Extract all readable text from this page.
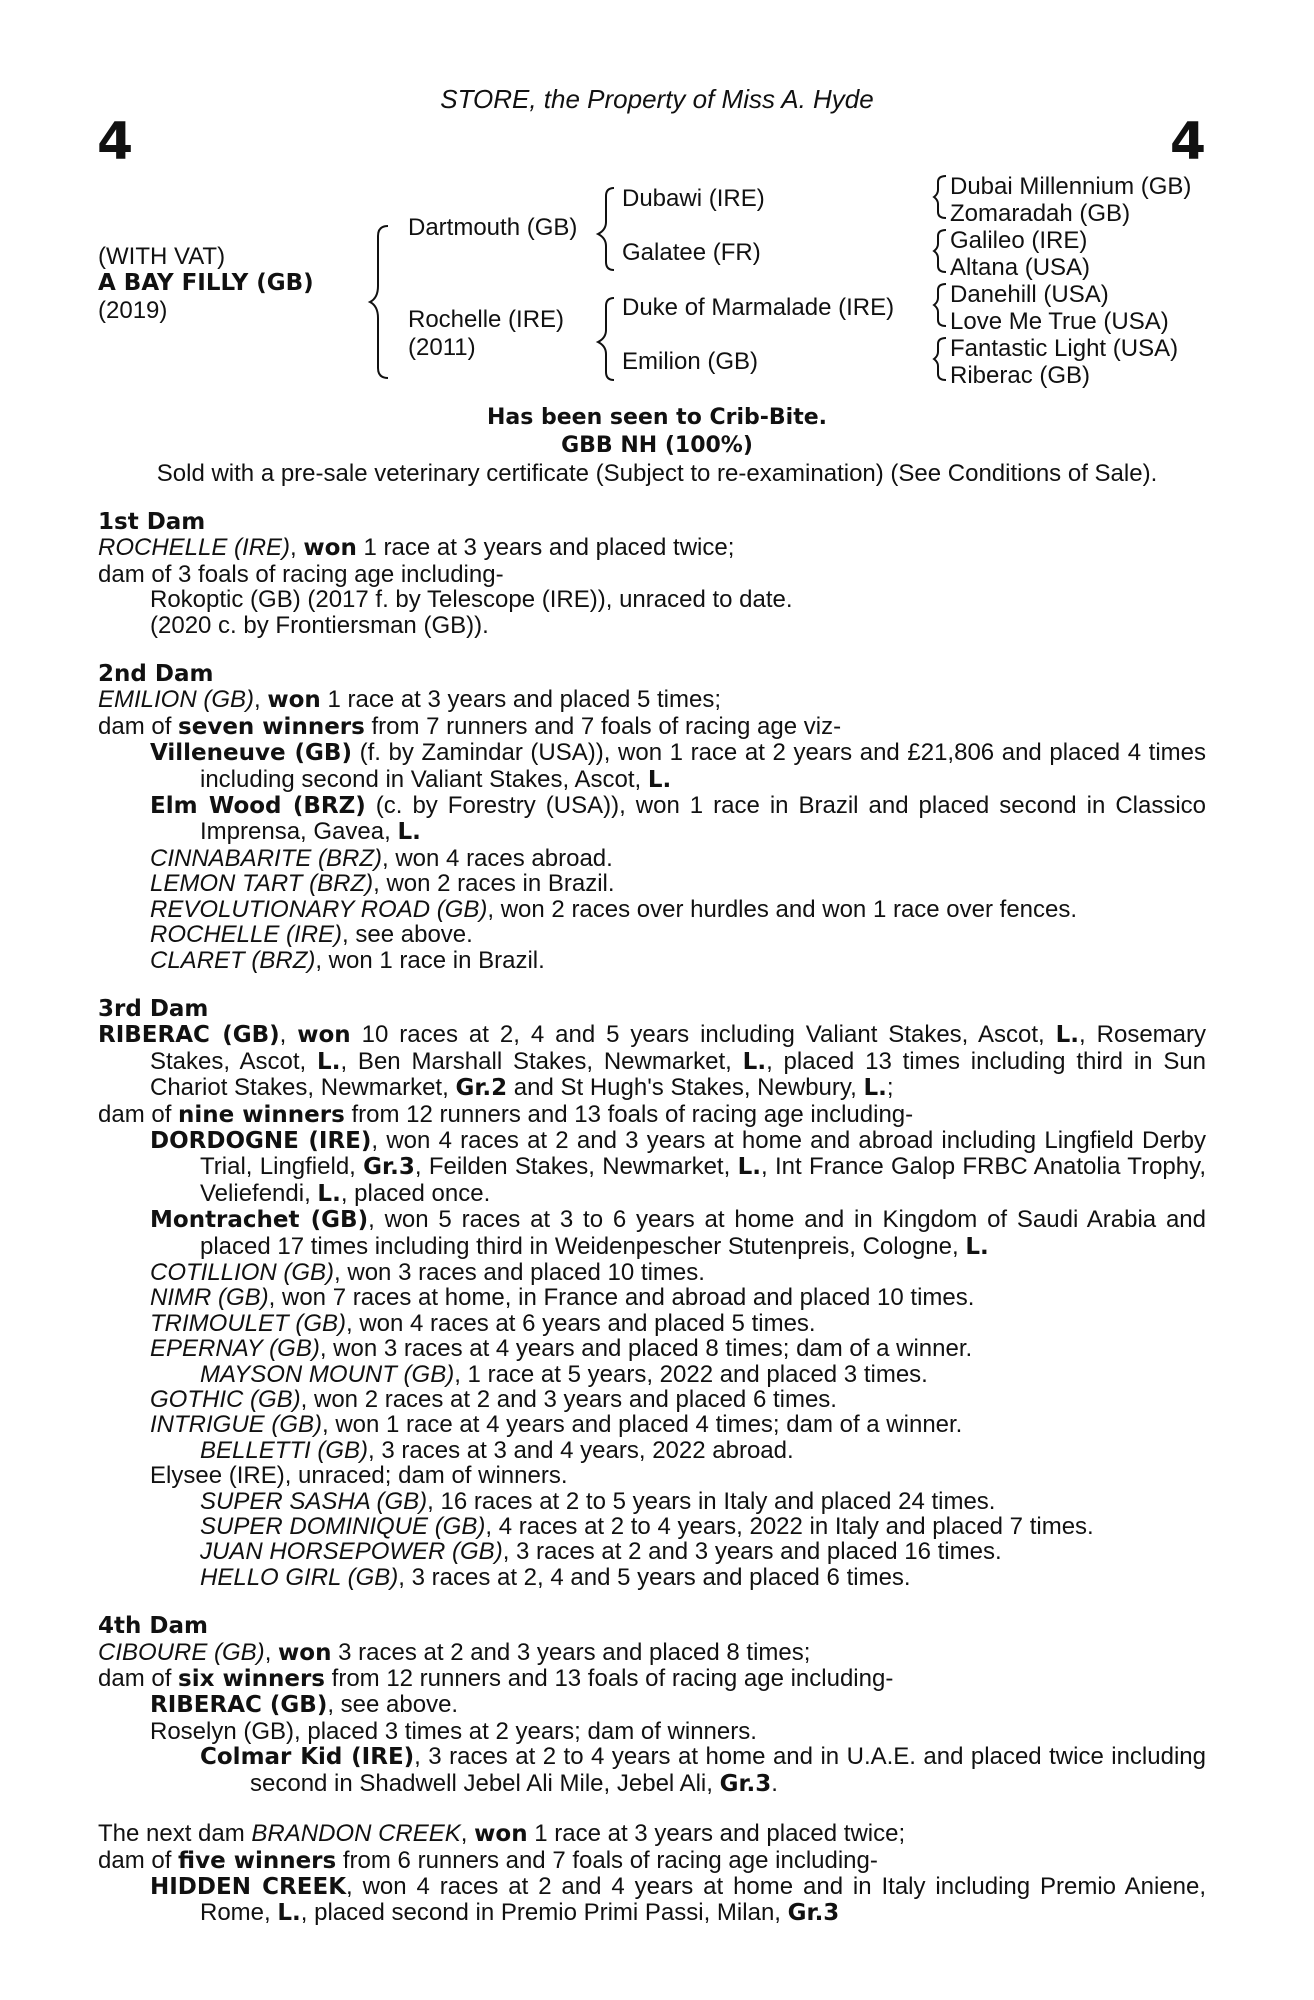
STORE, the Property of Miss A. Hyde
4	4
(WITH VAT)
A BAY FILLY (GB)
(2019)
Dartmouth (GB)
Rochelle (IRE)
(2011)
Dubawi (IRE)
Galatee (FR)
Duke of Marmalade (IRE)
Emilion (GB)
Dubai Millennium (GB)
Zomaradah (GB)
Galileo (IRE)
Altana (USA)
Danehill (USA)
Love Me True (USA)
Fantastic Light (USA)
Riberac (GB)
Has been seen to Crib-Bite.
GBB NH (100%)
Sold with a pre-sale veterinary certificate (Subject to re-examination) (See Conditions of Sale).
1st Dam
ROCHELLE (IRE), won 1 race at 3 years and placed twice;
dam of 3 foals of racing age including-
Rokoptic (GB) (2017 f. by Telescope (IRE)), unraced to date.
(2020 c. by Frontiersman (GB)).
2nd Dam
EMILION (GB), won 1 race at 3 years and placed 5 times;
dam of seven winners from 7 runners and 7 foals of racing age viz-
Villeneuve (GB) (f. by Zamindar (USA)), won 1 race at 2 years and £21,806 and placed 4 times including second in Valiant Stakes, Ascot, L.
Elm Wood (BRZ) (c. by Forestry (USA)), won 1 race in Brazil and placed second in Classico Imprensa, Gavea, L.
CINNABARITE (BRZ), won 4 races abroad.
LEMON TART (BRZ), won 2 races in Brazil.
REVOLUTIONARY ROAD (GB), won 2 races over hurdles and won 1 race over fences.
ROCHELLE (IRE), see above.
CLARET (BRZ), won 1 race in Brazil.
3rd Dam
RIBERAC (GB), won 10 races at 2, 4 and 5 years including Valiant Stakes, Ascot, L., Rosemary Stakes, Ascot, L., Ben Marshall Stakes, Newmarket, L., placed 13 times including third in Sun Chariot Stakes, Newmarket, Gr.2 and St Hugh's Stakes, Newbury, L.;
dam of nine winners from 12 runners and 13 foals of racing age including-
DORDOGNE (IRE), won 4 races at 2 and 3 years at home and abroad including Lingfield Derby Trial, Lingfield, Gr.3, Feilden Stakes, Newmarket, L., Int France Galop FRBC Anatolia Trophy, Veliefendi, L., placed once.
Montrachet (GB), won 5 races at 3 to 6 years at home and in Kingdom of Saudi Arabia and placed 17 times including third in Weidenpescher Stutenpreis, Cologne, L.
COTILLION (GB), won 3 races and placed 10 times.
NIMR (GB), won 7 races at home, in France and abroad and placed 10 times.
TRIMOULET (GB), won 4 races at 6 years and placed 5 times.
EPERNAY (GB), won 3 races at 4 years and placed 8 times; dam of a winner.
MAYSON MOUNT (GB), 1 race at 5 years, 2022 and placed 3 times.
GOTHIC (GB), won 2 races at 2 and 3 years and placed 6 times.
INTRIGUE (GB), won 1 race at 4 years and placed 4 times; dam of a winner.
BELLETTI (GB), 3 races at 3 and 4 years, 2022 abroad.
Elysee (IRE), unraced; dam of winners.
SUPER SASHA (GB), 16 races at 2 to 5 years in Italy and placed 24 times.
SUPER DOMINIQUE (GB), 4 races at 2 to 4 years, 2022 in Italy and placed 7 times.
JUAN HORSEPOWER (GB), 3 races at 2 and 3 years and placed 16 times.
HELLO GIRL (GB), 3 races at 2, 4 and 5 years and placed 6 times.
4th Dam
CIBOURE (GB), won 3 races at 2 and 3 years and placed 8 times;
dam of six winners from 12 runners and 13 foals of racing age including-
RIBERAC (GB), see above.
Roselyn (GB), placed 3 times at 2 years; dam of winners.
Colmar Kid (IRE), 3 races at 2 to 4 years at home and in U.A.E. and placed twice including second in Shadwell Jebel Ali Mile, Jebel Ali, Gr.3.
The next dam BRANDON CREEK, won 1 race at 3 years and placed twice;
dam of five winners from 6 runners and 7 foals of racing age including-
HIDDEN CREEK, won 4 races at 2 and 4 years at home and in Italy including Premio Aniene, Rome, L., placed second in Premio Primi Passi, Milan, Gr.3
